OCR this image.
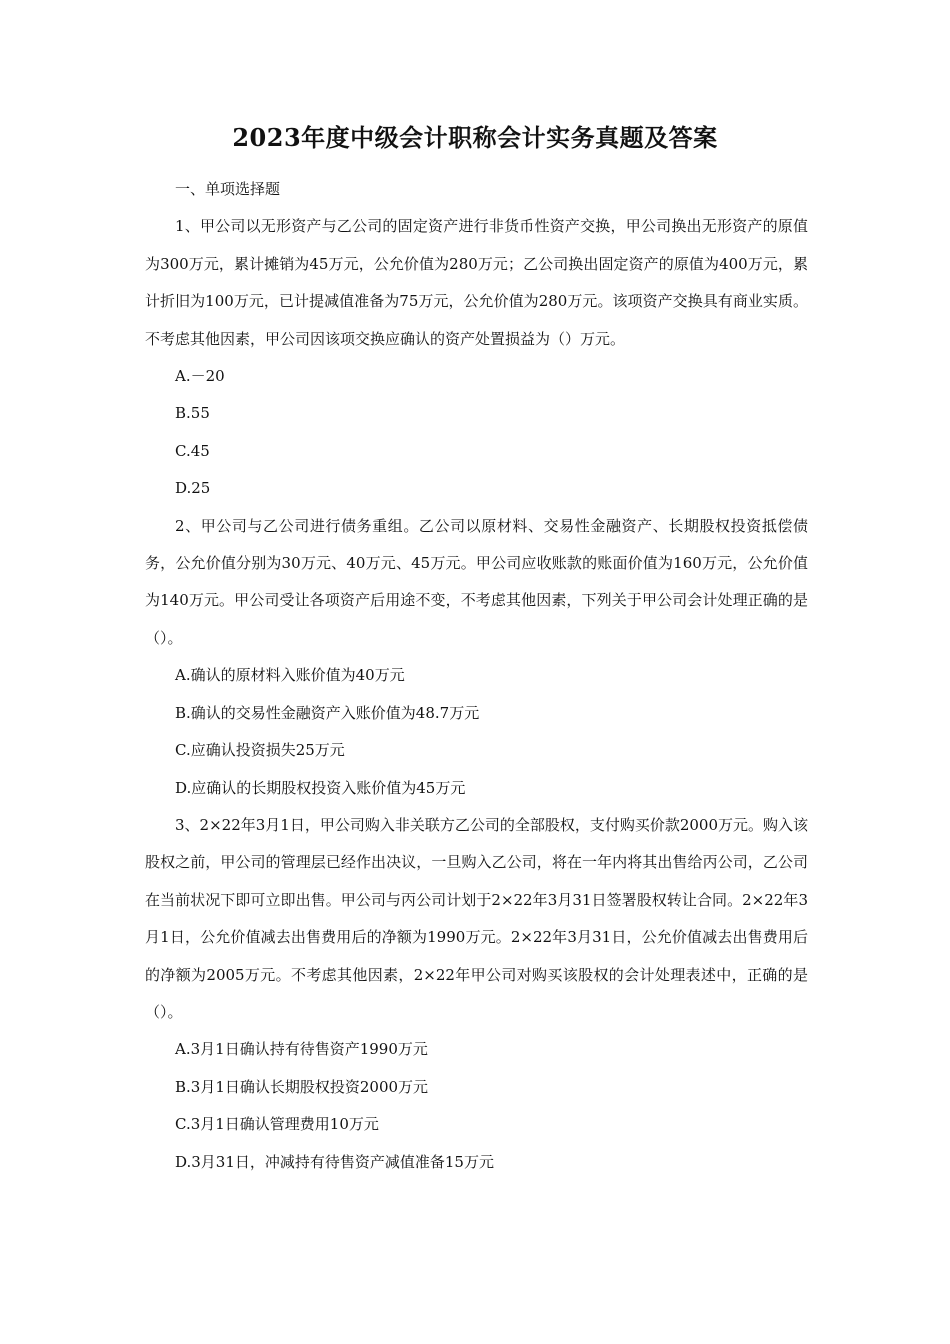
2023年度中级会计职称会计实务真题及答案

一、单项选择题

1、甲公司以无形资产与乙公司的固定资产进行非货币性资产交换，甲公司换出无形资产的原值为300万元，累计摊销为45万元，公允价值为280万元；乙公司换出固定资产的原值为400万元，累计折旧为100万元，已计提减值准备为75万元，公允价值为280万元。该项资产交换具有商业实质。不考虑其他因素，甲公司因该项交换应确认的资产处置损益为（）万元。

A.－20

B.55

C.45

D.25

2、甲公司与乙公司进行债务重组。乙公司以原材料、交易性金融资产、长期股权投资抵偿债务，公允价值分别为30万元、40万元、45万元。甲公司应收账款的账面价值为160万元，公允价值为140万元。甲公司受让各项资产后用途不变，不考虑其他因素，下列关于甲公司会计处理正确的是（）。

A.确认的原材料入账价值为40万元

B.确认的交易性金融资产入账价值为48.7万元

C.应确认投资损失25万元

D.应确认的长期股权投资入账价值为45万元

3、2×22年3月1日，甲公司购入非关联方乙公司的全部股权，支付购买价款2000万元。购入该股权之前，甲公司的管理层已经作出决议，一旦购入乙公司，将在一年内将其出售给丙公司，乙公司在当前状况下即可立即出售。甲公司与丙公司计划于2×22年3月31日签署股权转让合同。2×22年3月1日，公允价值减去出售费用后的净额为1990万元。2×22年3月31日，公允价值减去出售费用后的净额为2005万元。不考虑其他因素，2×22年甲公司对购买该股权的会计处理表述中，正确的是（）。

A.3月1日确认持有待售资产1990万元

B.3月1日确认长期股权投资2000万元

C.3月1日确认管理费用10万元

D.3月31日，冲减持有待售资产减值准备15万元
